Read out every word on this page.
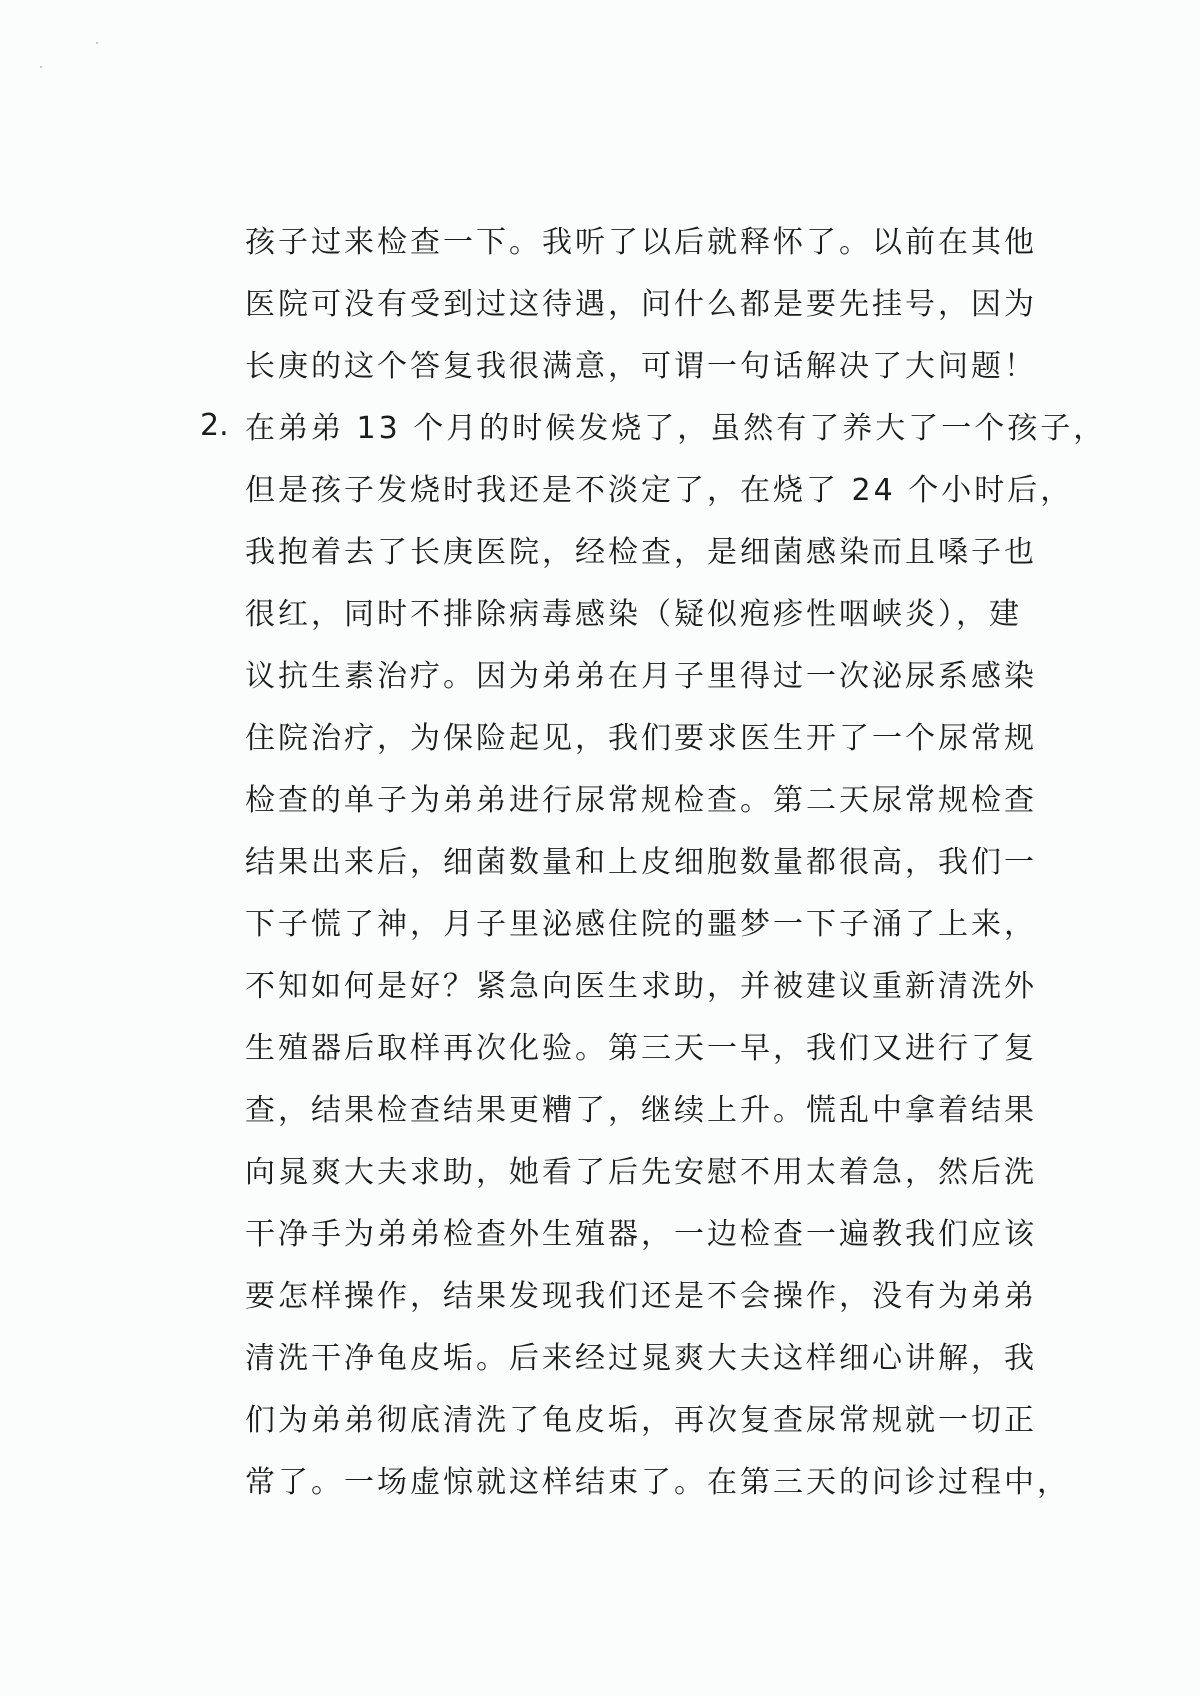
孩子过来检查一下。我听了以后就释怀了。以前在其他
医院可没有受到过这待遇，问什么都是要先挂号，因为
长庚的这个答复我很满意，可谓一句话解决了大问题！
2. 在弟弟 13 个月的时候发烧了，虽然有了养大了一个孩子，
但是孩子发烧时我还是不淡定了，在烧了 24 个小时后，
我抱着去了长庚医院，经检查，是细菌感染而且嗓子也
很红，同时不排除病毒感染（疑似疱疹性咽峡炎），建
议抗生素治疗。因为弟弟在月子里得过一次泌尿系感染
住院治疗，为保险起见，我们要求医生开了一个尿常规
检查的单子为弟弟进行尿常规检查。第二天尿常规检查
结果出来后，细菌数量和上皮细胞数量都很高，我们一
下子慌了神，月子里泌感住院的噩梦一下子涌了上来，
不知如何是好？紧急向医生求助，并被建议重新清洗外
生殖器后取样再次化验。第三天一早，我们又进行了复
查，结果检查结果更糟了，继续上升。慌乱中拿着结果
向晁爽大夫求助，她看了后先安慰不用太着急，然后洗
干净手为弟弟检查外生殖器，一边检查一遍教我们应该
要怎样操作，结果发现我们还是不会操作，没有为弟弟
清洗干净龟皮垢。后来经过晁爽大夫这样细心讲解，我
们为弟弟彻底清洗了龟皮垢，再次复查尿常规就一切正
常了。一场虚惊就这样结束了。在第三天的问诊过程中，
